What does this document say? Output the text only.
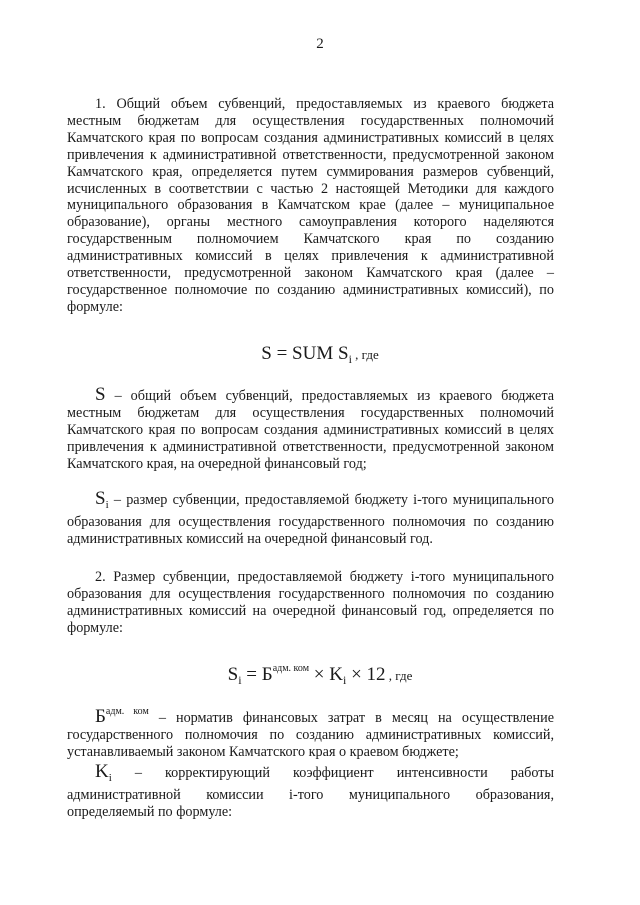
2

1. Общий объем субвенций, предоставляемых из краевого бюджета местным бюджетам для осуществления государственных полномочий Камчатского края по вопросам создания административных комиссий в целях привлечения к административной ответственности, предусмотренной законом Камчатского края, определяется путем суммирования размеров субвенций, исчисленных в соответствии с частью 2 настоящей Методики для каждого муниципального образования в Камчатском крае (далее – муниципальное образование), органы местного самоуправления которого наделяются государственным полномочием Камчатского края по созданию административных комиссий в целях привлечения к административной ответственности, предусмотренной законом Камчатского края (далее – государственное полномочие по созданию административных комиссий), по формуле:

S = SUM $S_i$ , где

S – общий объем субвенций, предоставляемых из краевого бюджета местным бюджетам для осуществления государственных полномочий Камчатского края по вопросам создания административных комиссий в целях привлечения к административной ответственности, предусмотренной законом Камчатского края, на очередной финансовый год;

$S_i$ – размер субвенции, предоставляемой бюджету i-того муниципального образования для осуществления государственного полномочия по созданию административных комиссий на очередной финансовый год.

2. Размер субвенции, предоставляемой бюджету i-того муниципального образования для осуществления государственного полномочия по созданию административных комиссий на очередной финансовый год, определяется по формуле:

$S_i = Б^{адм. ком} \times K_i \times 12$ , где

$Б^{адм. ком}$ – норматив финансовых затрат в месяц на осуществление государственного полномочия по созданию административных комиссий, устанавливаемый законом Камчатского края о краевом бюджете;

$K_i$ – корректирующий коэффициент интенсивности работы административной комиссии i-того муниципального образования, определяемый по формуле:
